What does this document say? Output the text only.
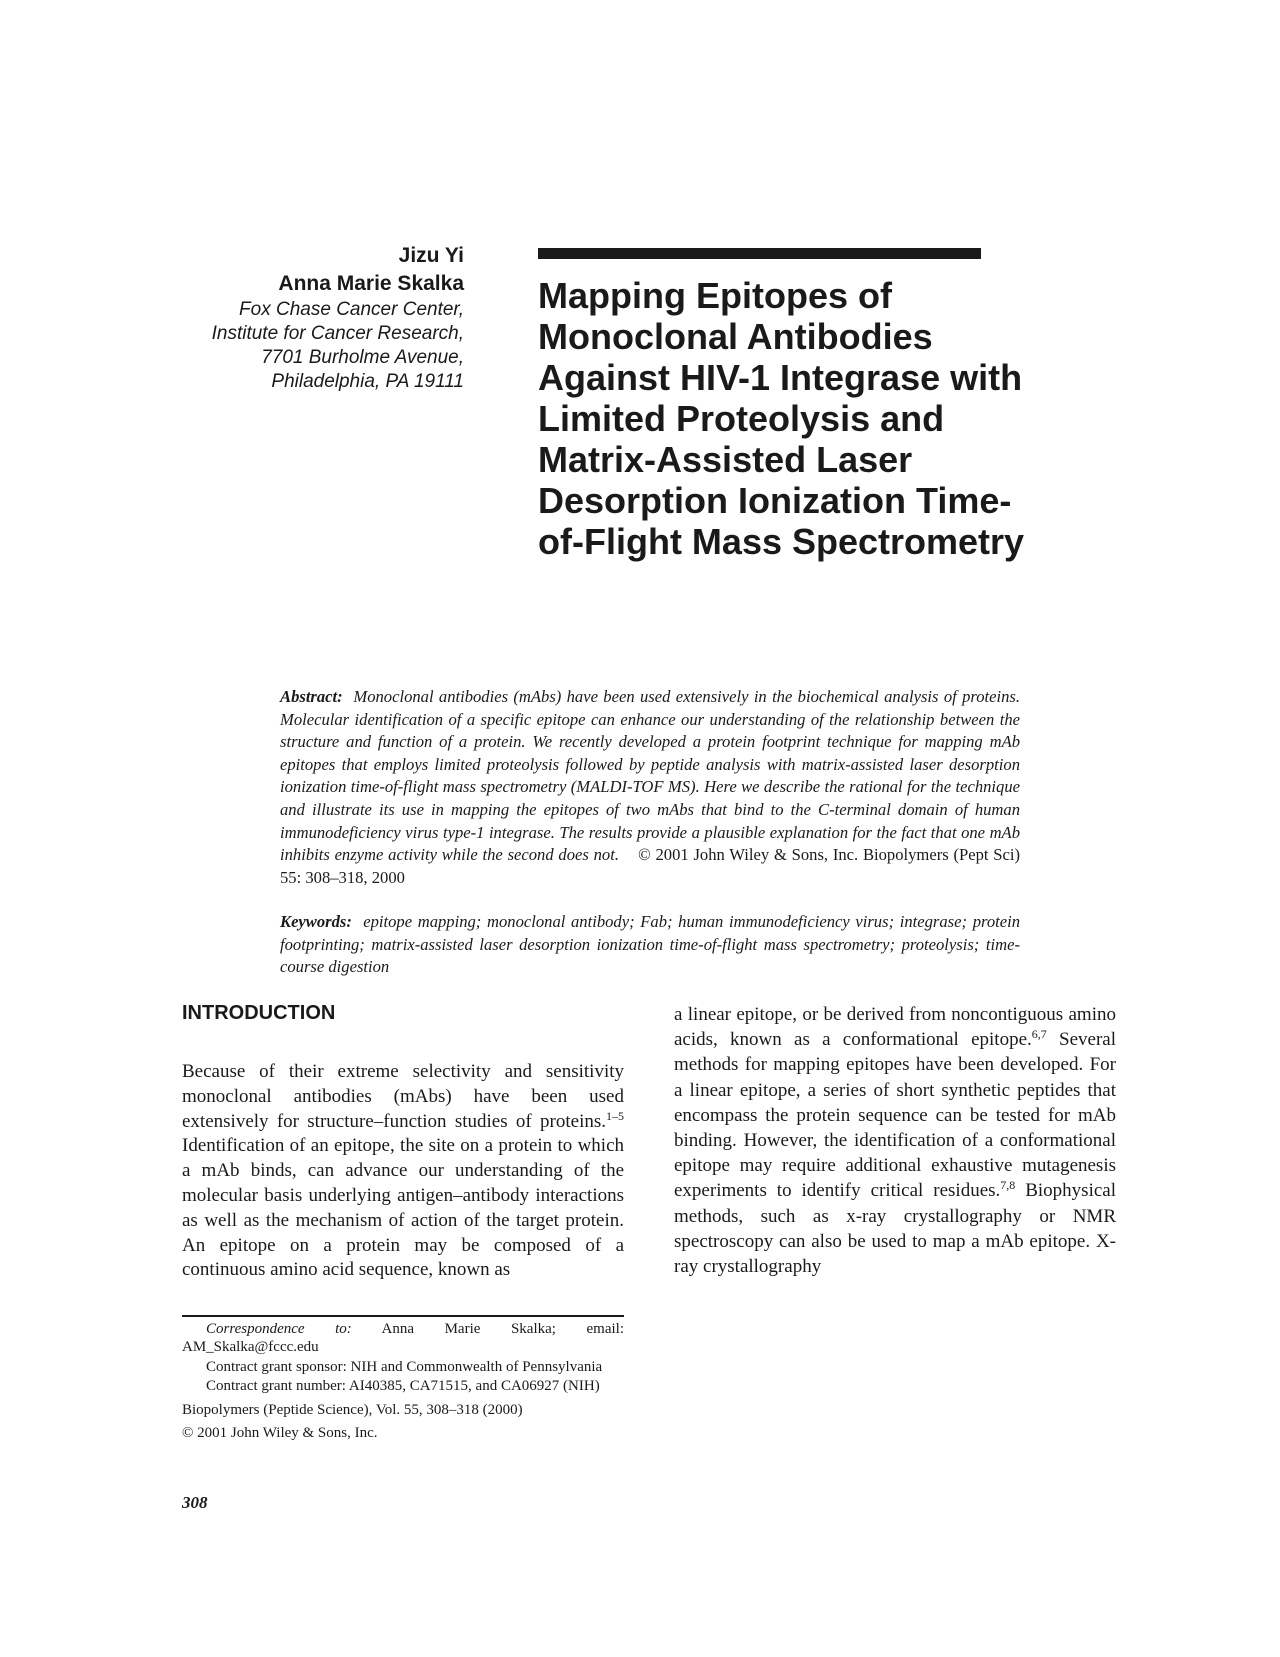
Jizu Yi
Anna Marie Skalka
Fox Chase Cancer Center,
Institute for Cancer Research,
7701 Burholme Avenue,
Philadelphia, PA 19111
Mapping Epitopes of
Monoclonal Antibodies
Against HIV-1 Integrase with
Limited Proteolysis and
Matrix-Assisted Laser
Desorption Ionization Time-
of-Flight Mass Spectrometry

Abstract: Monoclonal antibodies (mAbs) have been used extensively in the biochemical analysis of proteins. Molecular identification of a specific epitope can enhance our understanding of the relationship between the structure and function of a protein. We recently developed a protein footprint technique for mapping mAb epitopes that employs limited proteolysis followed by peptide analysis with matrix-assisted laser desorption ionization time-of-flight mass spectrometry (MALDI-TOF MS). Here we describe the rational for the technique and illustrate its use in mapping the epitopes of two mAbs that bind to the C-terminal domain of human immunodeficiency virus type-1 integrase. The results provide a plausible explanation for the fact that one mAb inhibits enzyme activity while the second does not. © 2001 John Wiley & Sons, Inc. Biopolymers (Pept Sci) 55: 308–318, 2000

Keywords: epitope mapping; monoclonal antibody; Fab; human immunodeficiency virus; integrase; protein footprinting; matrix-assisted laser desorption ionization time-of-flight mass spectrometry; proteolysis; time-course digestion

INTRODUCTION

Because of their extreme selectivity and sensitivity monoclonal antibodies (mAbs) have been used extensively for structure–function studies of proteins.$^{1-5}$ Identification of an epitope, the site on a protein to which a mAb binds, can advance our understanding of the molecular basis underlying antigen–antibody interactions as well as the mechanism of action of the target protein. An epitope on a protein may be composed of a continuous amino acid sequence, known as

a linear epitope, or be derived from noncontiguous amino acids, known as a conformational epitope.$^{6,7}$ Several methods for mapping epitopes have been developed. For a linear epitope, a series of short synthetic peptides that encompass the protein sequence can be tested for mAb binding. However, the identification of a conformational epitope may require additional exhaustive mutagenesis experiments to identify critical residues.$^{7,8}$ Biophysical methods, such as x-ray crystallography or NMR spectroscopy can also be used to map a mAb epitope. X-ray crystallography

Correspondence to: Anna Marie Skalka; email: AM_Skalka@fccc.edu

Contract grant sponsor: NIH and Commonwealth of Pennsylvania

Contract grant number: AI40385, CA71515, and CA06927 (NIH)

Biopolymers (Peptide Science), Vol. 55, 308–318 (2000)

© 2001 John Wiley & Sons, Inc.

308
